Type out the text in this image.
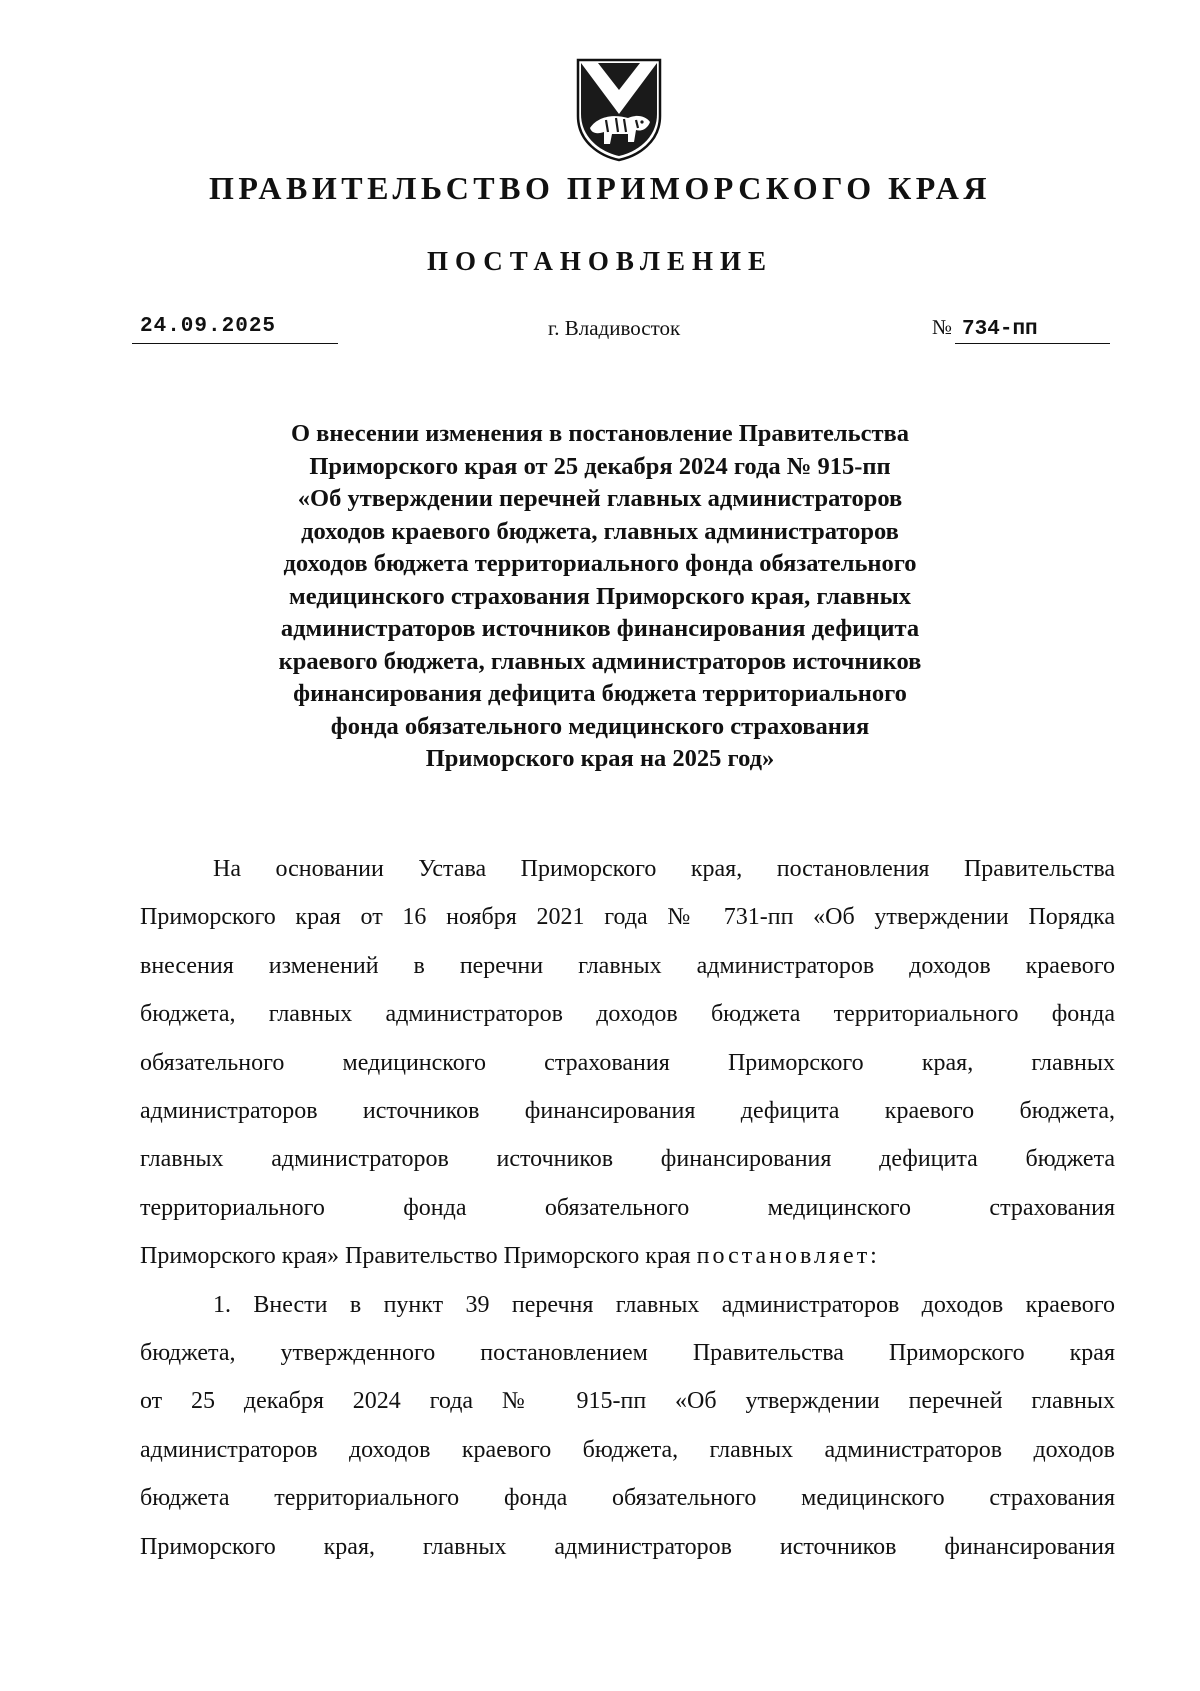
ПРАВИТЕЛЬСТВО ПРИМОРСКОГО КРАЯ
ПОСТАНОВЛЕНИЕ
24.09.2025	г. Владивосток	№ 734-пп
О внесении изменения в постановление Правительства
Приморского края от 25 декабря 2024 года № 915-пп
«Об утверждении перечней главных администраторов
доходов краевого бюджета, главных администраторов
доходов бюджета территориального фонда обязательного
медицинского страхования Приморского края, главных
администраторов источников финансирования дефицита
краевого бюджета, главных администраторов источников
финансирования дефицита бюджета территориального
фонда обязательного медицинского страхования
Приморского края на 2025 год»
На основании Устава Приморского края, постановления Правительства
Приморского края от 16 ноября 2021 года № 731-пп «Об утверждении Порядка
внесения изменений в перечни главных администраторов доходов краевого
бюджета, главных администраторов доходов бюджета территориального фонда
обязательного медицинского страхования Приморского края, главных
администраторов источников финансирования дефицита краевого бюджета,
главных администраторов источников финансирования дефицита бюджета
территориального фонда обязательного медицинского страхования
Приморского края» Правительство Приморского края постановляет:
1. Внести в пункт 39 перечня главных администраторов доходов краевого
бюджета, утвержденного постановлением Правительства Приморского края
от 25 декабря 2024 года № 915-пп «Об утверждении перечней главных
администраторов доходов краевого бюджета, главных администраторов доходов
бюджета территориального фонда обязательного медицинского страхования
Приморского края, главных администраторов источников финансирования
